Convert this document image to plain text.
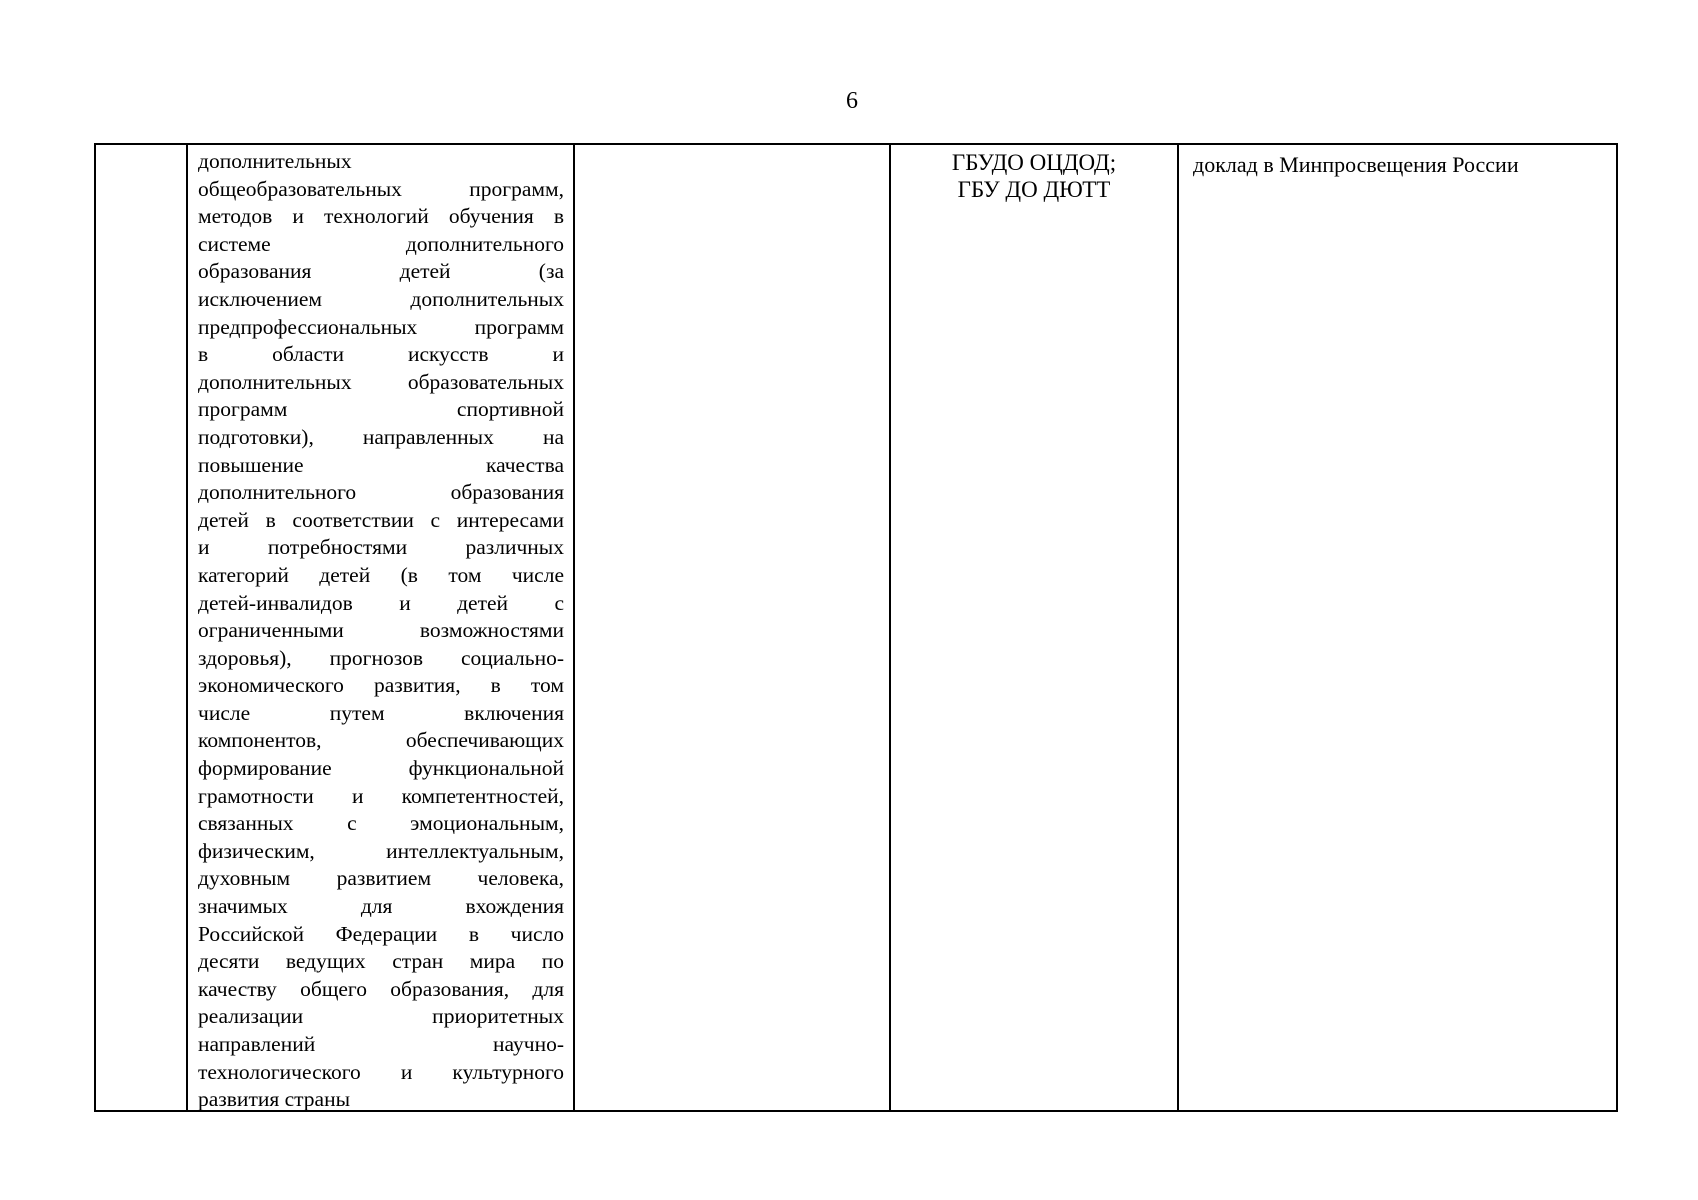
6
дополнительных
общеобразовательных программ,
методов и технологий обучения в
системе дополнительного
образования детей (за
исключением дополнительных
предпрофессиональных программ
в области искусств и
дополнительных образовательных
программ спортивной
подготовки), направленных на
повышение качества
дополнительного образования
детей в соответствии с интересами
и потребностями различных
категорий детей (в том числе
детей-инвалидов и детей с
ограниченными возможностями
здоровья), прогнозов социально-
экономического развития, в том
числе путем включения
компонентов, обеспечивающих
формирование функциональной
грамотности и компетентностей,
связанных с эмоциональным,
физическим, интеллектуальным,
духовным развитием человека,
значимых для вхождения
Российской Федерации в число
десяти ведущих стран мира по
качеству общего образования, для
реализации приоритетных
направлений научно-
технологического и культурного
развития страны
ГБУДО ОЦДОД;
ГБУ ДО ДЮТТ
доклад в Минпросвещения России
